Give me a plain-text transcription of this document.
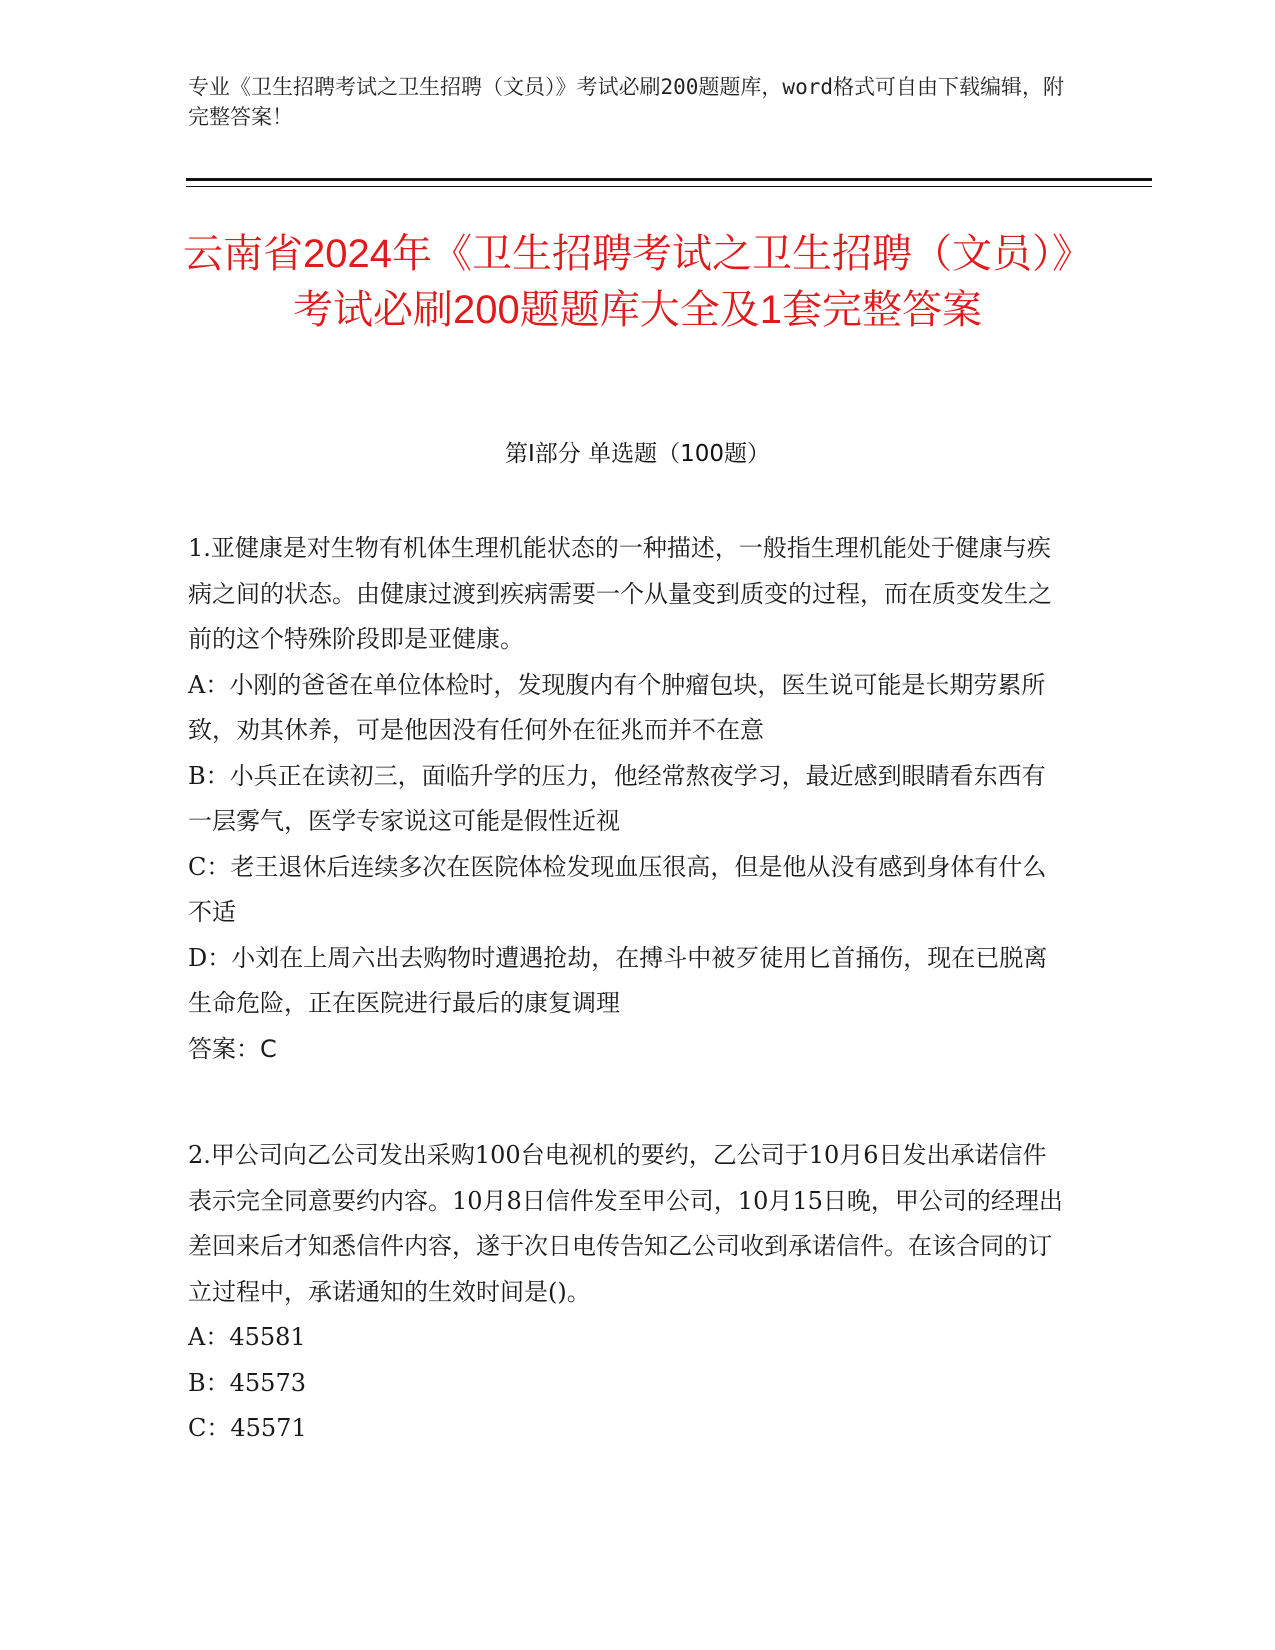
专业《卫生招聘考试之卫生招聘（文员）》考试必刷200题题库，word格式可自由下载编辑，附完整答案！
云南省2024年《卫生招聘考试之卫生招聘（文员）》考试必刷200题题库大全及1套完整答案
第Ⅰ部分 单选题（100题）

1.亚健康是对生物有机体生理机能状态的一种描述，一般指生理机能处于健康与疾病之间的状态。由健康过渡到疾病需要一个从量变到质变的过程，而在质变发生之前的这个特殊阶段即是亚健康。

A：小刚的爸爸在单位体检时，发现腹内有个肿瘤包块，医生说可能是长期劳累所致，劝其休养，可是他因没有任何外在征兆而并不在意

B：小兵正在读初三，面临升学的压力，他经常熬夜学习，最近感到眼睛看东西有一层雾气，医学专家说这可能是假性近视

C：老王退休后连续多次在医院体检发现血压很高，但是他从没有感到身体有什么不适

D：小刘在上周六出去购物时遭遇抢劫，在搏斗中被歹徒用匕首捅伤，现在已脱离生命危险，正在医院进行最后的康复调理

答案：C

2.甲公司向乙公司发出采购100台电视机的要约，乙公司于10月6日发出承诺信件表示完全同意要约内容。10月8日信件发至甲公司，10月15日晚，甲公司的经理出差回来后才知悉信件内容，遂于次日电传告知乙公司收到承诺信件。在该合同的订立过程中，承诺通知的生效时间是()。

A：45581

B：45573

C：45571
